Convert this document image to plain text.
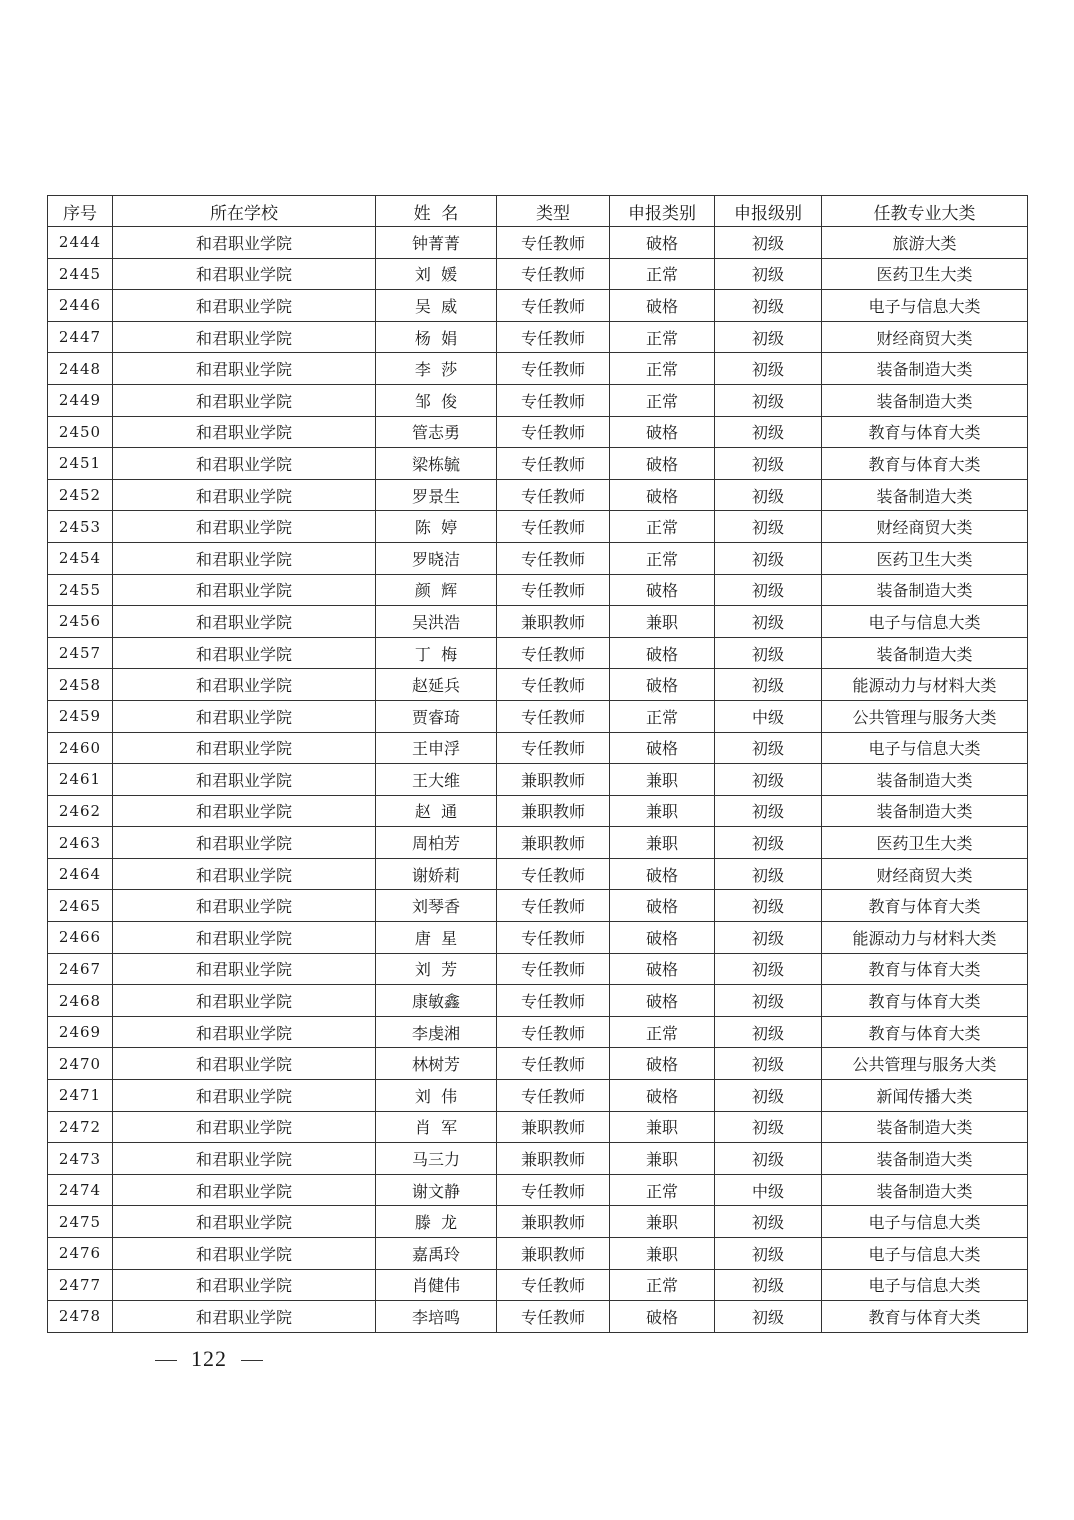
序号	所在学校	姓  名	类型	申报类别	申报级别	任教专业大类
2444	和君职业学院	钟菁菁	专任教师	破格	初级	旅游大类
2445	和君职业学院	刘  媛	专任教师	正常	初级	医药卫生大类
2446	和君职业学院	吴  威	专任教师	破格	初级	电子与信息大类
2447	和君职业学院	杨  娟	专任教师	正常	初级	财经商贸大类
2448	和君职业学院	李  莎	专任教师	正常	初级	装备制造大类
2449	和君职业学院	邹  俊	专任教师	正常	初级	装备制造大类
2450	和君职业学院	管志勇	专任教师	破格	初级	教育与体育大类
2451	和君职业学院	梁栋毓	专任教师	破格	初级	教育与体育大类
2452	和君职业学院	罗景生	专任教师	破格	初级	装备制造大类
2453	和君职业学院	陈  婷	专任教师	正常	初级	财经商贸大类
2454	和君职业学院	罗晓洁	专任教师	正常	初级	医药卫生大类
2455	和君职业学院	颜  辉	专任教师	破格	初级	装备制造大类
2456	和君职业学院	吴洪浩	兼职教师	兼职	初级	电子与信息大类
2457	和君职业学院	丁  梅	专任教师	破格	初级	装备制造大类
2458	和君职业学院	赵延兵	专任教师	破格	初级	能源动力与材料大类
2459	和君职业学院	贾睿琦	专任教师	正常	中级	公共管理与服务大类
2460	和君职业学院	王申浮	专任教师	破格	初级	电子与信息大类
2461	和君职业学院	王大维	兼职教师	兼职	初级	装备制造大类
2462	和君职业学院	赵  通	兼职教师	兼职	初级	装备制造大类
2463	和君职业学院	周柏芳	兼职教师	兼职	初级	医药卫生大类
2464	和君职业学院	谢娇莉	专任教师	破格	初级	财经商贸大类
2465	和君职业学院	刘琴香	专任教师	破格	初级	教育与体育大类
2466	和君职业学院	唐  星	专任教师	破格	初级	能源动力与材料大类
2467	和君职业学院	刘  芳	专任教师	破格	初级	教育与体育大类
2468	和君职业学院	康敏鑫	专任教师	破格	初级	教育与体育大类
2469	和君职业学院	李虔湘	专任教师	正常	初级	教育与体育大类
2470	和君职业学院	林树芳	专任教师	破格	初级	公共管理与服务大类
2471	和君职业学院	刘  伟	专任教师	破格	初级	新闻传播大类
2472	和君职业学院	肖  军	兼职教师	兼职	初级	装备制造大类
2473	和君职业学院	马三力	兼职教师	兼职	初级	装备制造大类
2474	和君职业学院	谢文静	专任教师	正常	中级	装备制造大类
2475	和君职业学院	滕  龙	兼职教师	兼职	初级	电子与信息大类
2476	和君职业学院	嘉禹玲	兼职教师	兼职	初级	电子与信息大类
2477	和君职业学院	肖健伟	专任教师	正常	初级	电子与信息大类
2478	和君职业学院	李培鸣	专任教师	破格	初级	教育与体育大类
122
